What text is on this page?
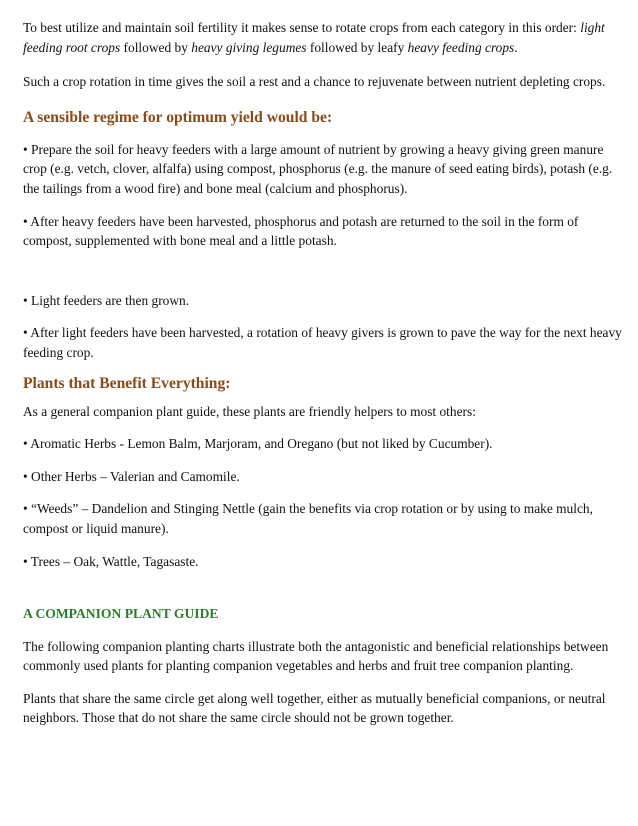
To best utilize and maintain soil fertility it makes sense to rotate crops from each category in this order: light feeding root crops followed by heavy giving legumes followed by leafy heavy feeding crops.

Such a crop rotation in time gives the soil a rest and a chance to rejuvenate between nutrient depleting crops.

A sensible regime for optimum yield would be:

• Prepare the soil for heavy feeders with a large amount of nutrient by growing a heavy giving green manure crop (e.g. vetch, clover, alfalfa) using compost, phosphorus (e.g. the manure of seed eating birds), potash (e.g. the tailings from a wood fire) and bone meal (calcium and phosphorus).

• After heavy feeders have been harvested, phosphorus and potash are returned to the soil in the form of compost, supplemented with bone meal and a little potash.

• Light feeders are then grown.

• After light feeders have been harvested, a rotation of heavy givers is grown to pave the way for the next heavy feeding crop.

Plants that Benefit Everything:

As a general companion plant guide, these plants are friendly helpers to most others:

• Aromatic Herbs - Lemon Balm, Marjoram, and Oregano (but not liked by Cucumber).

• Other Herbs – Valerian and Camomile.

• “Weeds” – Dandelion and Stinging Nettle (gain the benefits via crop rotation or by using to make mulch, compost or liquid manure).

• Trees – Oak, Wattle, Tagasaste.

A COMPANION PLANT GUIDE

The following companion planting charts illustrate both the antagonistic and beneficial relationships between commonly used plants for planting companion vegetables and herbs and fruit tree companion planting.

Plants that share the same circle get along well together, either as mutually beneficial companions, or neutral neighbors. Those that do not share the same circle should not be grown together.
